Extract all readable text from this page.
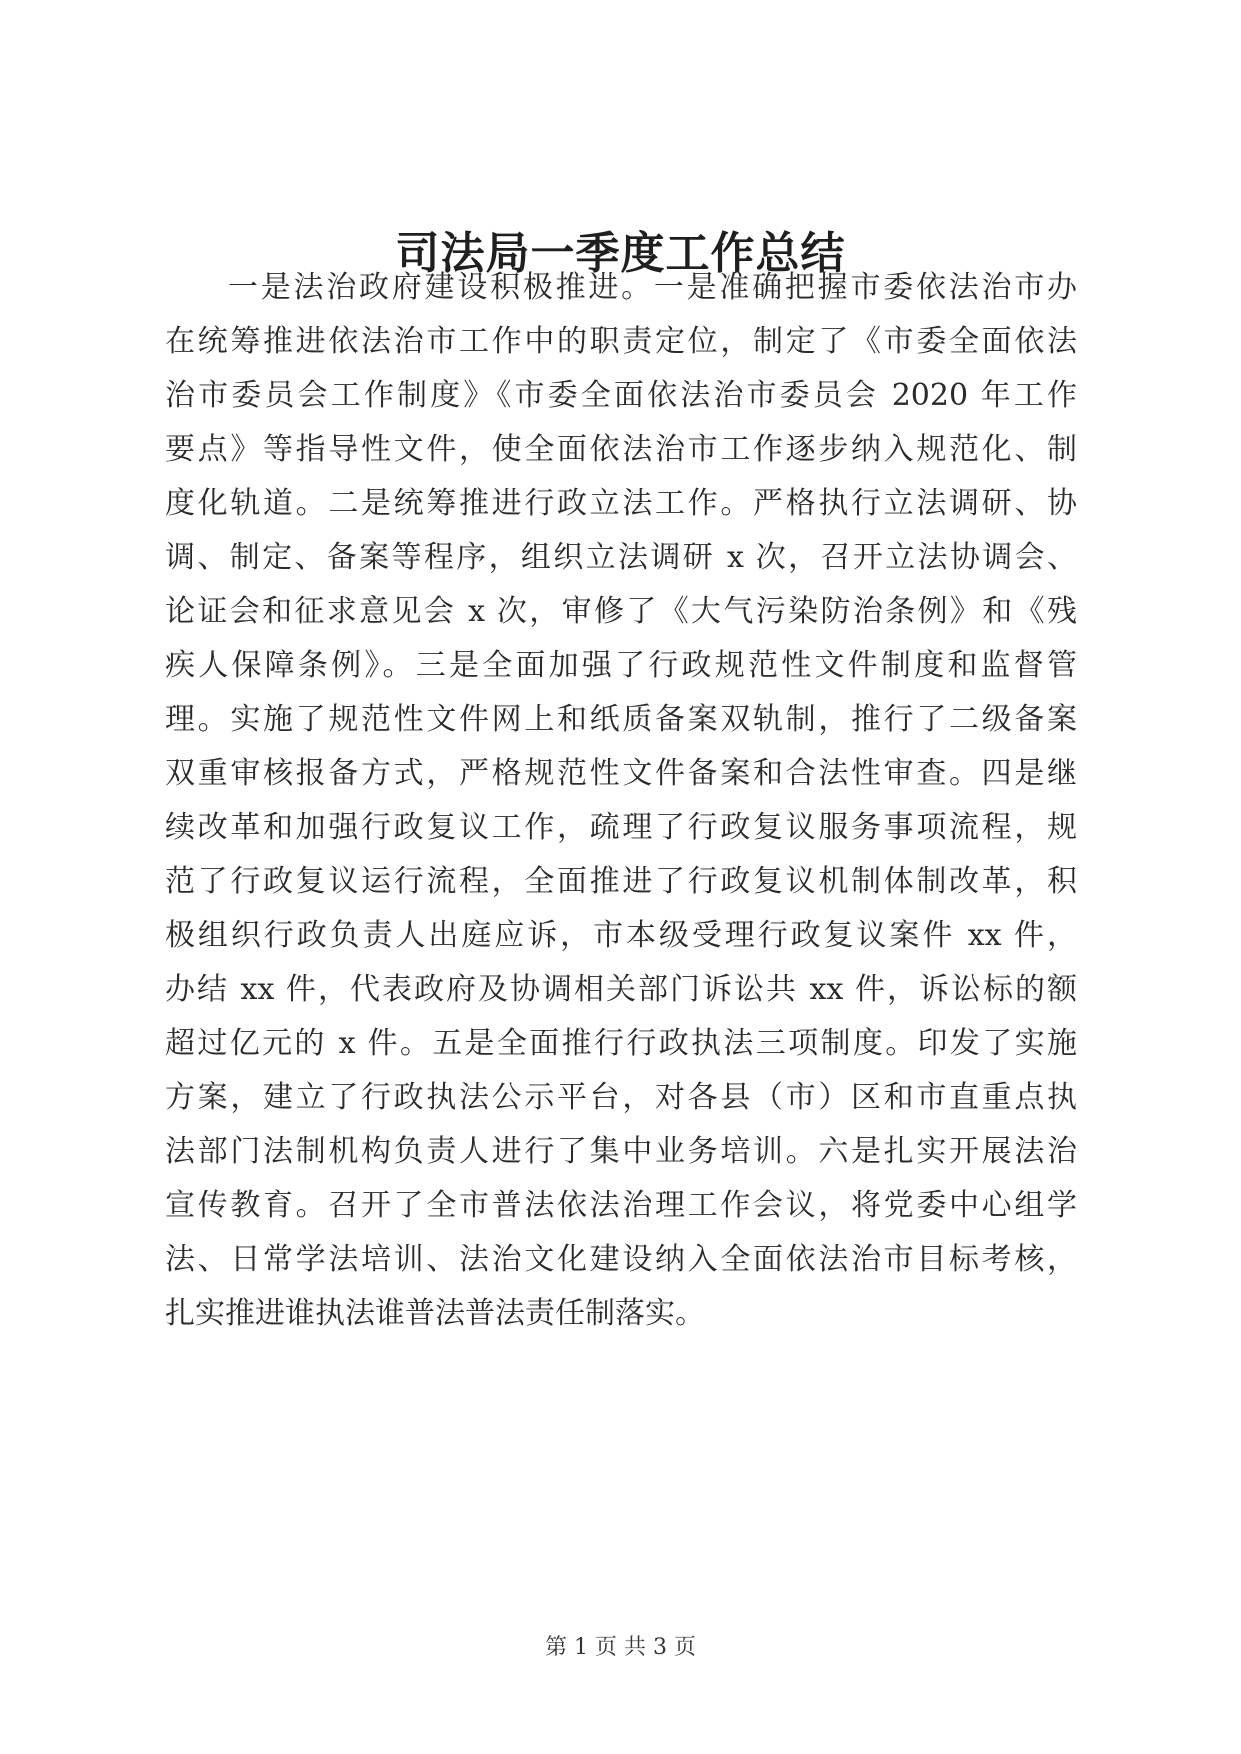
司法局一季度工作总结
一是法治政府建设积极推进。一是准确把握市委依法治市办
在统筹推进依法治市工作中的职责定位，制定了《市委全面依法
治市委员会工作制度》《市委全面依法治市委员会 2020 年工作
要点》等指导性文件，使全面依法治市工作逐步纳入规范化、制
度化轨道。二是统筹推进行政立法工作。严格执行立法调研、协
调、制定、备案等程序，组织立法调研 x 次，召开立法协调会、
论证会和征求意见会 x 次，审修了《大气污染防治条例》和《残
疾人保障条例》。三是全面加强了行政规范性文件制度和监督管
理。实施了规范性文件网上和纸质备案双轨制，推行了二级备案
双重审核报备方式，严格规范性文件备案和合法性审查。四是继
续改革和加强行政复议工作，疏理了行政复议服务事项流程，规
范了行政复议运行流程，全面推进了行政复议机制体制改革，积
极组织行政负责人出庭应诉，市本级受理行政复议案件 xx 件，
办结 xx 件，代表政府及协调相关部门诉讼共 xx 件，诉讼标的额
超过亿元的 x 件。五是全面推行行政执法三项制度。印发了实施
方案，建立了行政执法公示平台，对各县（市）区和市直重点执
法部门法制机构负责人进行了集中业务培训。六是扎实开展法治
宣传教育。召开了全市普法依法治理工作会议，将党委中心组学
法、日常学法培训、法治文化建设纳入全面依法治市目标考核，
扎实推进谁执法谁普法普法责任制落实。
第 1 页 共 3 页
